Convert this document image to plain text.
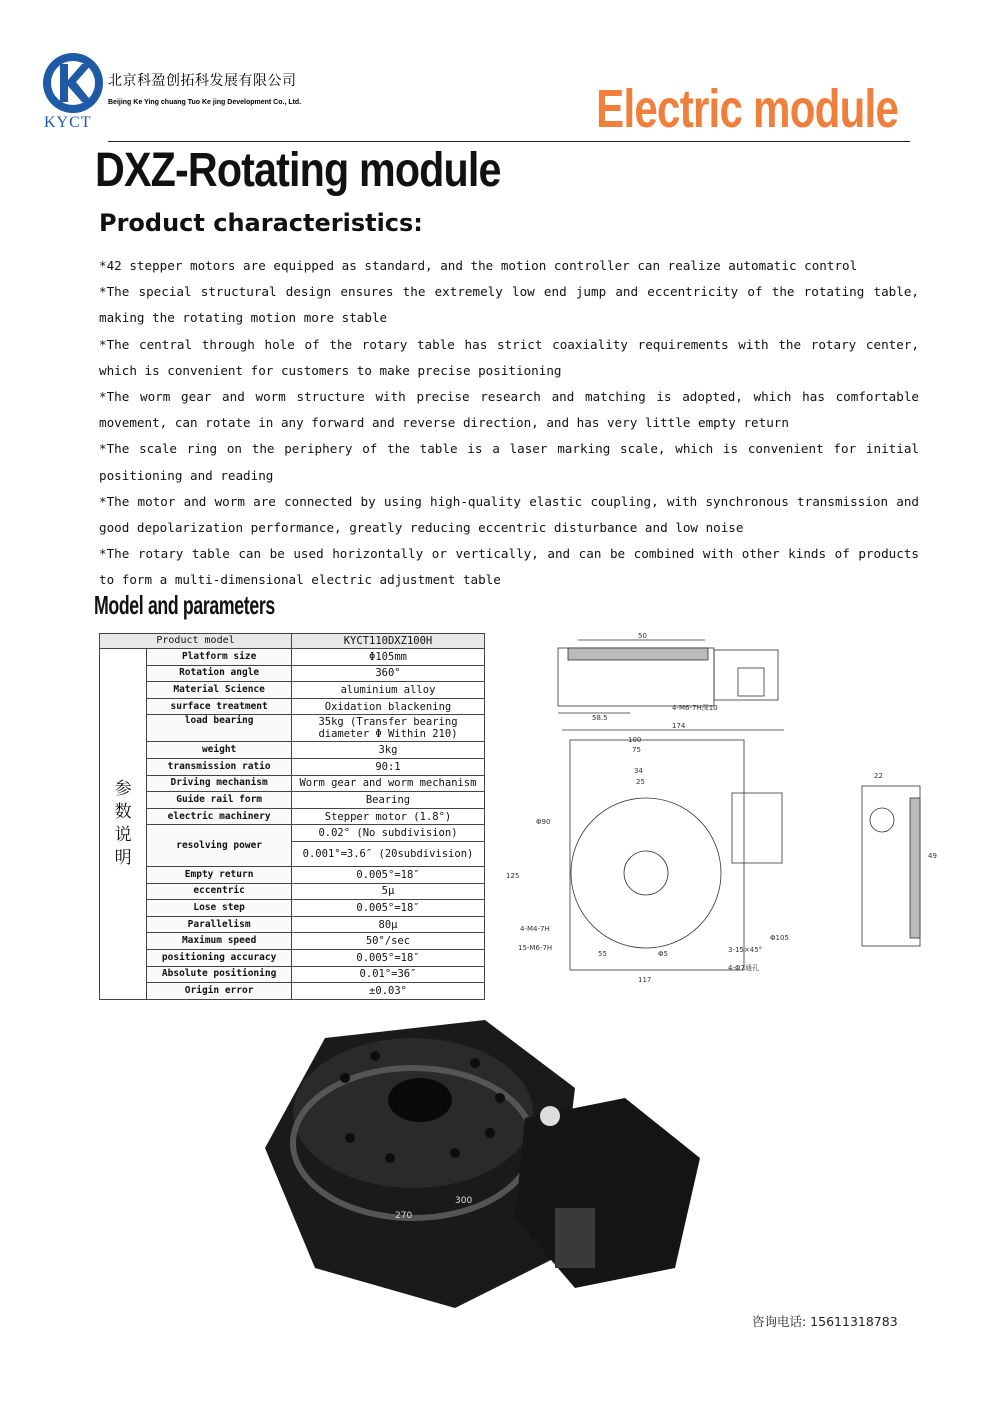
KYCT
北京科盈创拓科发展有限公司
Beijing Ke Ying chuang Tuo Ke jing Development Co., Ltd.	Electric module
DXZ-Rotating module
Product characteristics:

*42 stepper motors are equipped as standard, and the motion controller can realize automatic control

*The special structural design ensures the extremely low end jump and eccentricity of the rotating table, making the rotating motion more stable

*The central through hole of the rotary table has strict coaxiality requirements with the rotary center, which is convenient for customers to make precise positioning

*The worm gear and worm structure with precise research and matching is adopted, which has comfortable movement, can rotate in any forward and reverse direction, and has very little empty return

*The scale ring on the periphery of the table is a laser marking scale, which is convenient for initial positioning and reading

*The motor and worm are connected by using high-quality elastic coupling, with synchronous transmission and good depolarization performance, greatly reducing eccentric disturbance and low noise

*The rotary table can be used horizontally or vertically, and can be combined with other kinds of products to form a multi-dimensional electric adjustment table

Model and parameters
Product model		KYCT110DXZ100H
参 数 说 明	Platform size	Φ105mm
	Rotation angle	360°
	Material Science	aluminium alloy
	surface treatment	Oxidation blackening
	load bearing	35kg (Transfer bearing diameter Φ Within 210)
	weight	3kg
	transmission ratio	90:1
	Driving mechanism	Worm gear and worm mechanism
	Guide rail form	Bearing
	electric machinery	Stepper motor (1.8°)
	resolving power	0.02° (No subdivision)
		0.001°=3.6″ (20subdivision)
	Empty return	0.005°=18″
	eccentric	5μ
	Lose step	0.005°=18″
	Parallelism	80μ
	Maximum speed	50°/sec
	positioning accuracy	0.005°=18″
	Absolute positioning	0.01°=36″
	Origin error	±0.03°
50
58.5
4-M6-7H深10
174
100
75
34
25
Φ90
125
4-M4-7H
15-M6-7H
55	Φ5
117
Φ105
3-15×45°
4-Φ7通孔
22
49
270
300
咨询电话: 15611318783
